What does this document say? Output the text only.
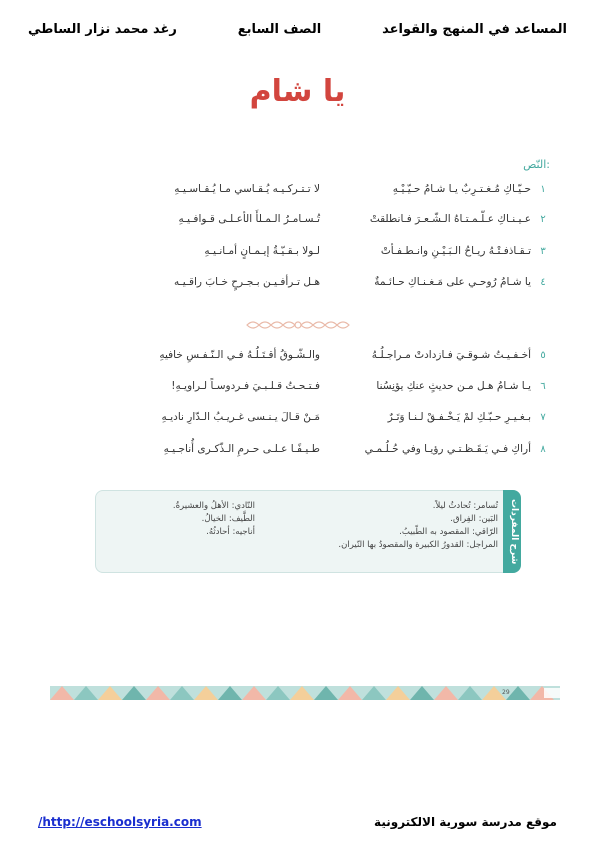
المساعد في المنهج والقواعد
الصف السابع
رغد محمد نزار الساطي
يا شام
النّص:
١
حـيّـاكِ مُـغـتـرِبٌ يـا شـامُ حـيّـيْـهِ
لا تـتـركـيـه يُـقـاسي مـا يُـقـاسـيـهِ
٢
عـيـنـاكِ عـلّـمـتـاهُ الـشّـعـرَ فـانطلقتْ
تُـسـامـرُ الـمـلأَ الأعـلـى قـوافـيـهِ
٣
تـقـاذفـتْـهُ ريـاحُ الـبَـيْـنِ وانـطـفـأتْ
لـولا بـقـيّـةُ إيـمـانٍ أمـانـيـهِ
٤
يا شـامُ رُوحـي على مَـغـنـاكِ حـائـمةٌ
هـل تـرأفـيـن بـجـرحٍ خـابَ راقـيـه
٥
أخـفـيـتُ شـوقـيَ فـازدادتْ مـراجـلُـهُ
والـشّـوقُ أقـتَـلُـهُ فـي الـنّـفـسِ خافيهِ
٦
يـا شـامُ هـل مـن حديثٍ عنكِ يؤنِسُنا
فـتـحـتُ قـلـبـيَ فـردوسـاً لـراويـهِ!
٧
بـغـيـرِ حـبّـكِ لمْ يَـخْـفـقْ لـنـا وَتَـرٌ
مَـنْ قـالَ يـنـسى غـريـبُ الـدّارِ ناديـهِ
٨
أراكِ فـي يَـقَـظـتـي رؤيـا وفي حُـلُـمـي
طـيـفًـا عـلـى حـرمِ الـذّكـرى أُناجـيـهِ
شرح المفردات
تُسامر: تُحادثُ ليلاً.
البَين: الفِراق.
الرّاقي: المقصود به الطّبيبُ.
المراجل: القدورُ الكبيرة والمقصودُ بها النّيران.
النّادي: الأهلُ والعشيرةُ.
الطَّيف: الخيالُ.
أناجيه: أحادثُهُ.
29
/http://eschoolsyria.com	موقع مدرسة سورية الالكترونية
